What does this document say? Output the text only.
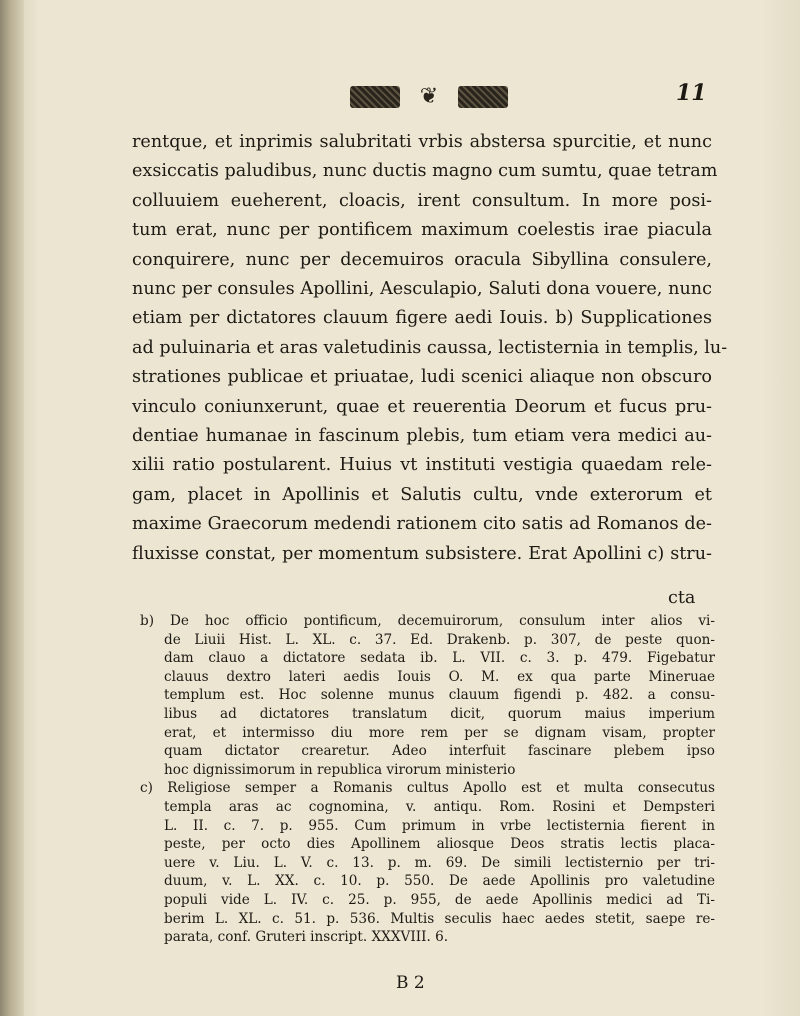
❦	11
rentque, et inprimis salubritati vrbis abstersa spurcitie, et nunc
exsiccatis paludibus, nunc ductis magno cum sumtu, quae tetram
colluuiem eueherent, cloacis, irent consultum. In more posi-
tum erat, nunc per pontificem maximum coelestis irae piacula
conquirere, nunc per decemuiros oracula Sibyllina consulere,
nunc per consules Apollini, Aesculapio, Saluti dona vouere, nunc
etiam per dictatores clauum figere aedi Iouis. b) Supplicationes
ad puluinaria et aras valetudinis caussa, lectisternia in templis, lu-
strationes publicae et priuatae, ludi scenici aliaque non obscuro
vinculo coniunxerunt, quae et reuerentia Deorum et fucus pru-
dentiae humanae in fascinum plebis, tum etiam vera medici au-
xilii ratio postularent. Huius vt instituti vestigia quaedam rele-
gam, placet in Apollinis et Salutis cultu, vnde exterorum et
maxime Graecorum medendi rationem cito satis ad Romanos de-
fluxisse constat, per momentum subsistere. Erat Apollini c) stru-
cta
b) De hoc officio pontificum, decemuirorum, consulum inter alios vi-
de Liuii Hist. L. XL. c. 37. Ed. Drakenb. p. 307, de peste quon-
dam clauo a dictatore sedata ib. L. VII. c. 3. p. 479. Figebatur
clauus dextro lateri aedis Iouis O. M. ex qua parte Mineruae
templum est. Hoc solenne munus clauum figendi p. 482. a consu-
libus ad dictatores translatum dicit, quorum maius imperium
erat, et intermisso diu more rem per se dignam visam, propter
quam dictator crearetur. Adeo interfuit fascinare plebem ipso
hoc dignissimorum in republica virorum ministerio
c) Religiose semper a Romanis cultus Apollo est et multa consecutus
templa aras ac cognomina, v. antiqu. Rom. Rosini et Dempsteri
L. II. c. 7. p. 955. Cum primum in vrbe lectisternia fierent in
peste, per octo dies Apollinem aliosque Deos stratis lectis placa-
uere v. Liu. L. V. c. 13. p. m. 69. De simili lectisternio per tri-
duum, v. L. XX. c. 10. p. 550. De aede Apollinis pro valetudine
populi vide L. IV. c. 25. p. 955, de aede Apollinis medici ad Ti-
berim L. XL. c. 51. p. 536. Multis seculis haec aedes stetit, saepe re-
parata, conf. Gruteri inscript. XXXVIII. 6.
B 2
